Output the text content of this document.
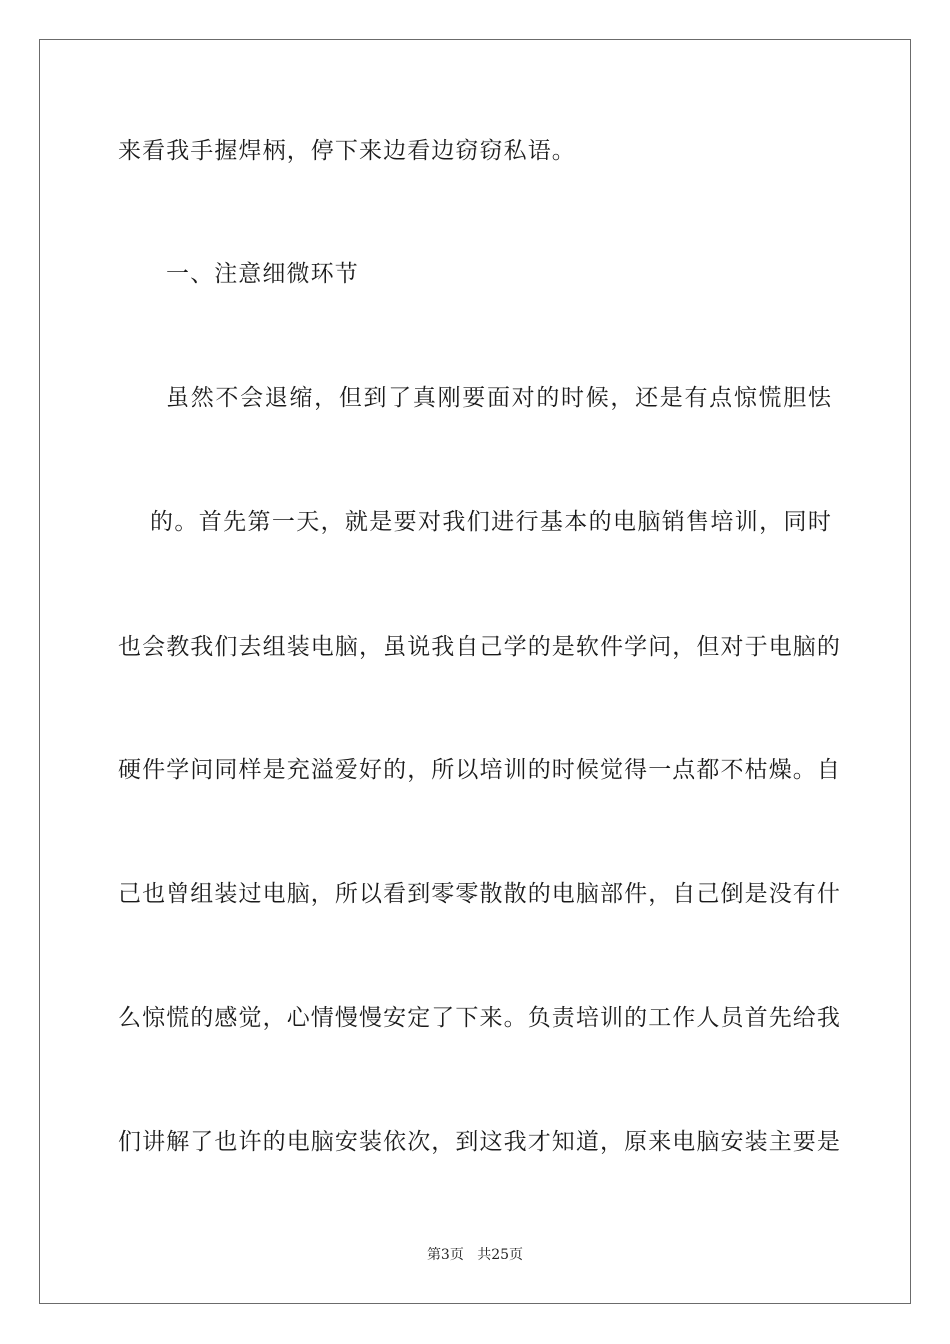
来看我手握焊柄，停下来边看边窃窃私语。
一、注意细微环节
虽然不会退缩，但到了真刚要面对的时候，还是有点惊慌胆怯
的。首先第一天，就是要对我们进行基本的电脑销售培训，同时
也会教我们去组装电脑，虽说我自己学的是软件学问，但对于电脑的
硬件学问同样是充溢爱好的，所以培训的时候觉得一点都不枯燥。自
己也曾组装过电脑，所以看到零零散散的电脑部件，自己倒是没有什
么惊慌的感觉，心情慢慢安定了下来。负责培训的工作人员首先给我
们讲解了也许的电脑安装依次，到这我才知道，原来电脑安装主要是
第3页 共25页
